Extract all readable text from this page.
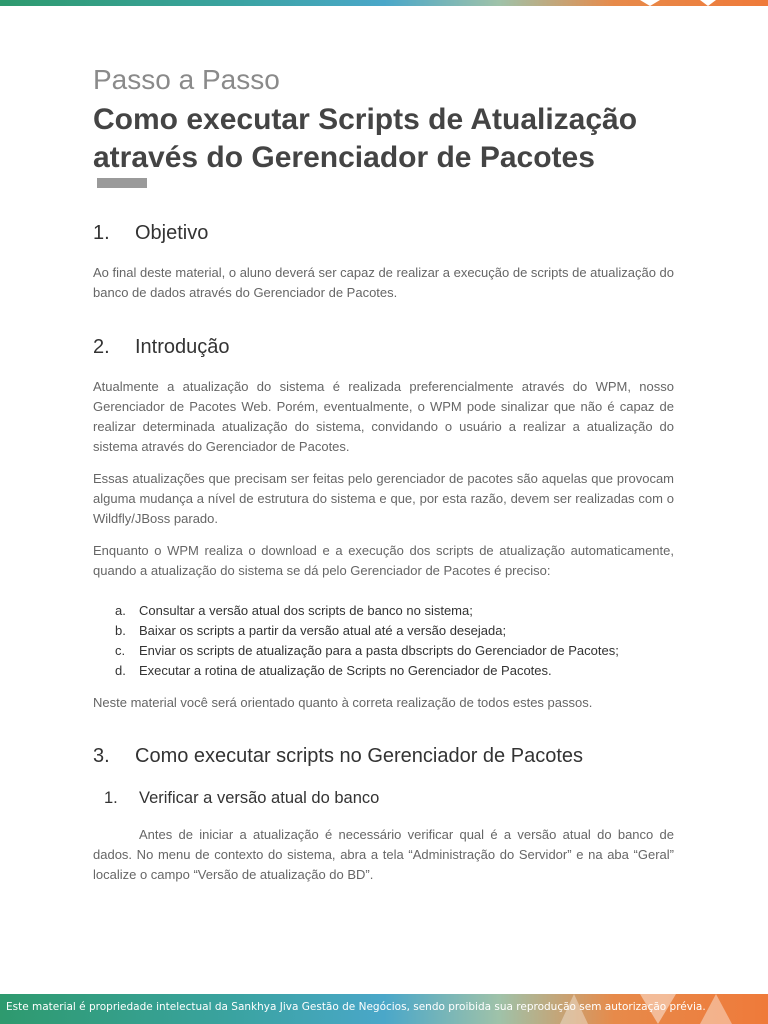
Passo a Passo
Como executar Scripts de Atualização através do Gerenciador de Pacotes
1. Objetivo

Ao final deste material, o aluno deverá ser capaz de realizar a execução de scripts de atualização do banco de dados através do Gerenciador de Pacotes.

2. Introdução

Atualmente a atualização do sistema é realizada preferencialmente através do WPM, nosso Gerenciador de Pacotes Web. Porém, eventualmente, o WPM pode sinalizar que não é capaz de realizar determinada atualização do sistema, convidando o usuário a realizar a atualização do sistema através do Gerenciador de Pacotes.

Essas atualizações que precisam ser feitas pelo gerenciador de pacotes são aquelas que provocam alguma mudança a nível de estrutura do sistema e que, por esta razão, devem ser realizadas com o Wildfly/JBoss parado.

Enquanto o WPM realiza o download e a execução dos scripts de atualização automaticamente, quando a atualização do sistema se dá pelo Gerenciador de Pacotes é preciso:

a. Consultar a versão atual dos scripts de banco no sistema;
b. Baixar os scripts a partir da versão atual até a versão desejada;
c. Enviar os scripts de atualização para a pasta dbscripts do Gerenciador de Pacotes;
d. Executar a rotina de atualização de Scripts no Gerenciador de Pacotes.

Neste material você será orientado quanto à correta realização de todos estes passos.

3. Como executar scripts no Gerenciador de Pacotes
1. Verificar a versão atual do banco

Antes de iniciar a atualização é necessário verificar qual é a versão atual do banco de dados. No menu de contexto do sistema, abra a tela “Administração do Servidor” e na aba “Geral” localize o campo “Versão de atualização do BD”.

Este material é propriedade intelectual da Sankhya Jiva Gestão de Negócios, sendo proibida sua reprodução sem autorização prévia.
